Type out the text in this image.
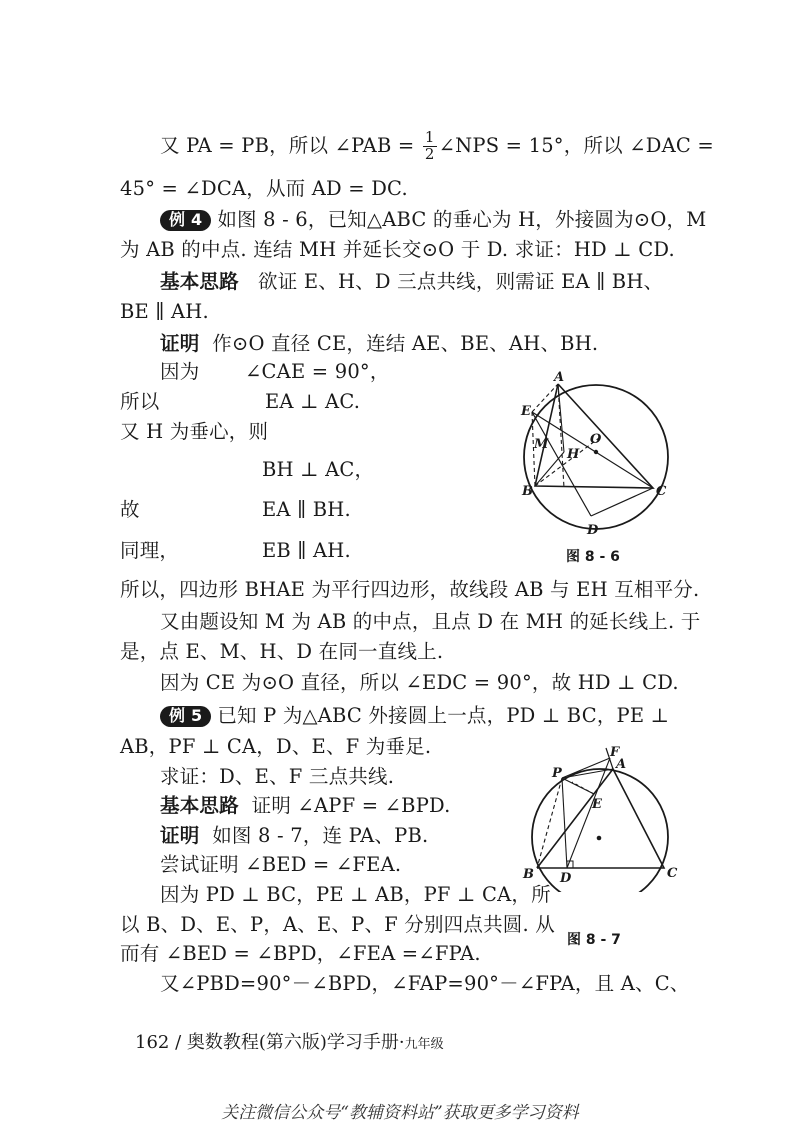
又 PA = PB，所以 ∠PAB = $\frac{1}{2}$ ∠NPS = 15°，所以 ∠DAC =
45° = ∠DCA，从而 AD = DC.
例 4 如图 8 - 6，已知△ABC 的垂心为 H，外接圆为⊙O，M
为 AB 的中点. 连结 MH 并延长交⊙O 于 D. 求证：HD ⊥ CD.
基本思路 欲证 E、H、D 三点共线，则需证 EA ∥ BH、
BE ∥ AH.
证明 作⊙O 直径 CE，连结 AE、BE、AH、BH.
因为 ∠CAE = 90°，
所以	EA ⊥ AC.
又 H 为垂心，则
BH ⊥ AC，
故	EA ∥ BH.
同理，	EB ∥ AH.
所以，四边形 BHAE 为平行四边形，故线段 AB 与 EH 互相平分.
又由题设知 M 为 AB 的中点，且点 D 在 MH 的延长线上. 于
是，点 E、M、H、D 在同一直线上.
因为 CE 为⊙O 直径，所以 ∠EDC = 90°，故 HD ⊥ CD.
A
E
M	O
H
B	C
D
图 8 - 6
例 5 已知 P 为△ABC 外接圆上一点，PD ⊥ BC，PE ⊥
AB，PF ⊥ CA，D、E、F 为垂足.
求证：D、E、F 三点共线.
基本思路 证明 ∠APF = ∠BPD.
证明 如图 8 - 7，连 PA、PB.
尝试证明 ∠BED = ∠FEA.
因为 PD ⊥ BC，PE ⊥ AB，PF ⊥ CA，所
以 B、D、E、P，A、E、P、F 分别四点共圆. 从
而有 ∠BED = ∠BPD，∠FEA =∠FPA.
又∠PBD=90°－∠BPD，∠FAP=90°－∠FPA，且 A、C、
P
F
A
E
B D	C
图 8 - 7
162 / 奥数教程(第六版)学习手册·九年级
关注微信公众号“教辅资料站”获取更多学习资料
